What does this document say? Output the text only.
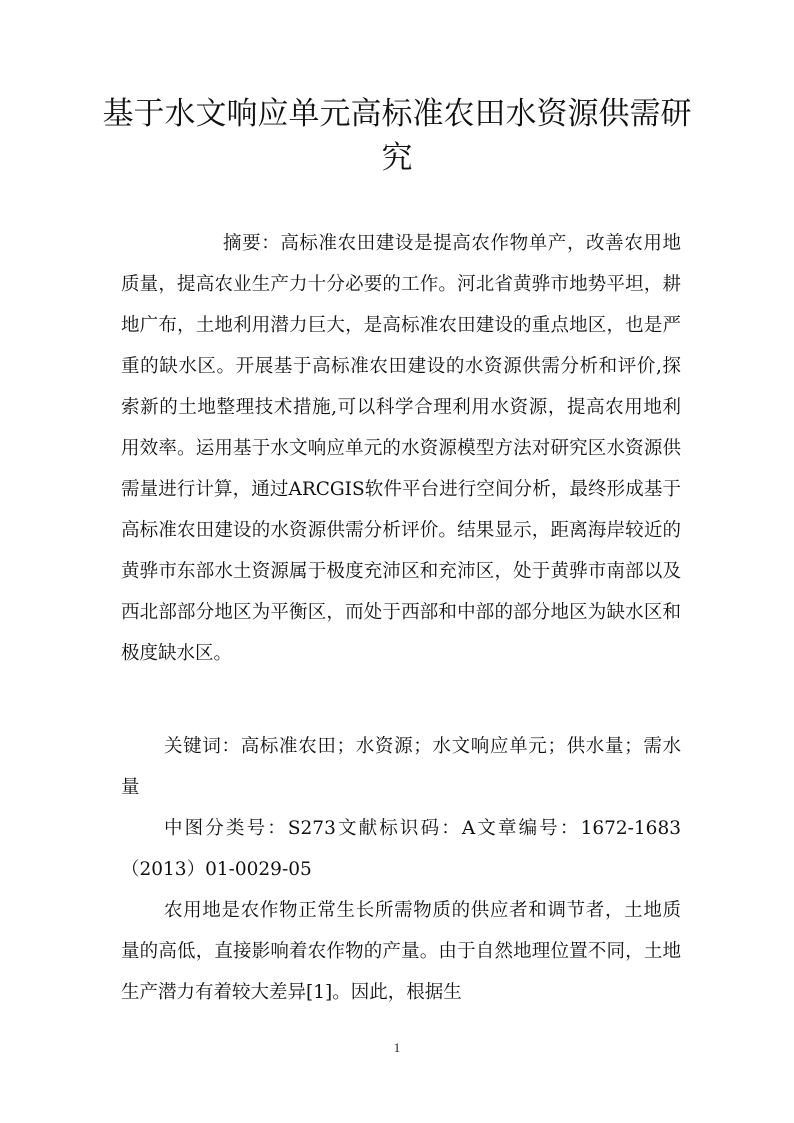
基于水文响应单元高标准农田水资源供需研究

摘要：高标准农田建设是提高农作物单产，改善农用地质量，提高农业生产力十分必要的工作。河北省黄骅市地势平坦，耕地广布，土地利用潜力巨大，是高标准农田建设的重点地区，也是严重的缺水区。开展基于高标准农田建设的水资源供需分析和评价,探索新的土地整理技术措施,可以科学合理利用水资源，提高农用地利用效率。运用基于水文响应单元的水资源模型方法对研究区水资源供需量进行计算，通过ARCGIS软件平台进行空间分析，最终形成基于高标准农田建设的水资源供需分析评价。结果显示，距离海岸较近的黄骅市东部水土资源属于极度充沛区和充沛区，处于黄骅市南部以及西北部部分地区为平衡区，而处于西部和中部的部分地区为缺水区和极度缺水区。

关键词：高标准农田；水资源；水文响应单元；供水量；需水量

中图分类号：S273文献标识码：A文章编号：1672-1683（2013）01-0029-05

农用地是农作物正常生长所需物质的供应者和调节者，土地质量的高低，直接影响着农作物的产量。由于自然地理位置不同，土地生产潜力有着较大差异[1]。因此，根据生

1
